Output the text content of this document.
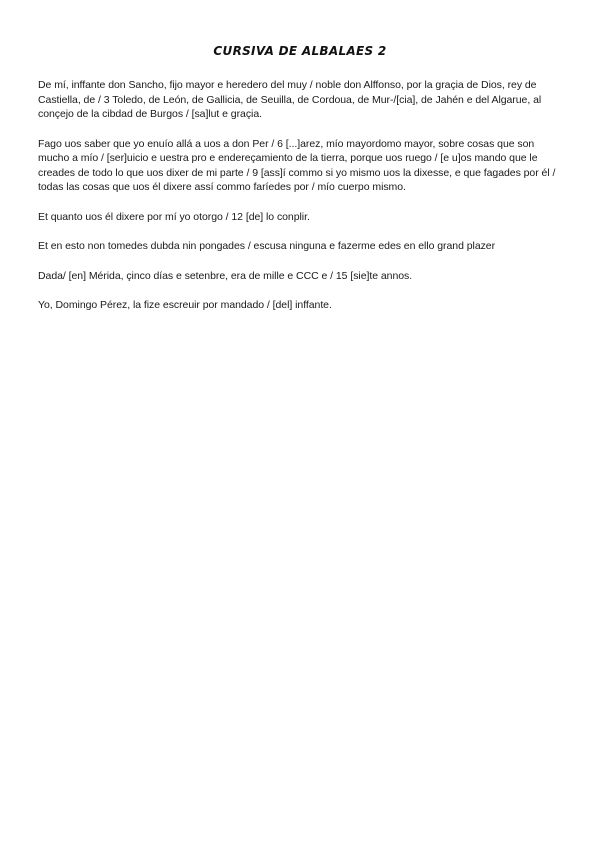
CURSIVA DE ALBALAES 2

De mí, inffante don Sancho, fijo mayor e heredero del muy / noble don Alffonso, por la graçia de Dios, rey de Castiella, de / 3 Toledo, de León, de Gallicia, de Seuilla, de Cordoua, de Mur-/[cia], de Jahén e del Algarue, al conçejo de la cibdad de Burgos / [sa]lut e graçia.

Fago uos saber que yo enuío allá a uos a don Per / 6 [...]arez, mío mayordomo mayor, sobre cosas que son mucho a mío / [ser]uicio e uestra pro e endereçamiento de la tierra, porque uos ruego / [e u]os mando que le creades de todo lo que uos dixer de mi parte / 9 [ass]í commo si yo mismo uos la dixesse, e que fagades por él / todas las cosas que uos él dixere assí commo faríedes por / mío cuerpo mismo.

Et quanto uos él dixere por mí yo otorgo / 12 [de] lo conplir.

Et en esto non tomedes dubda nin pongades / escusa ninguna e fazerme edes en ello grand plazer

Dada/ [en] Mérida, çinco días e setenbre, era de mille e CCC e / 15 [sie]te annos.

Yo, Domingo Pérez, la fize escreuir por mandado / [del] inffante.
